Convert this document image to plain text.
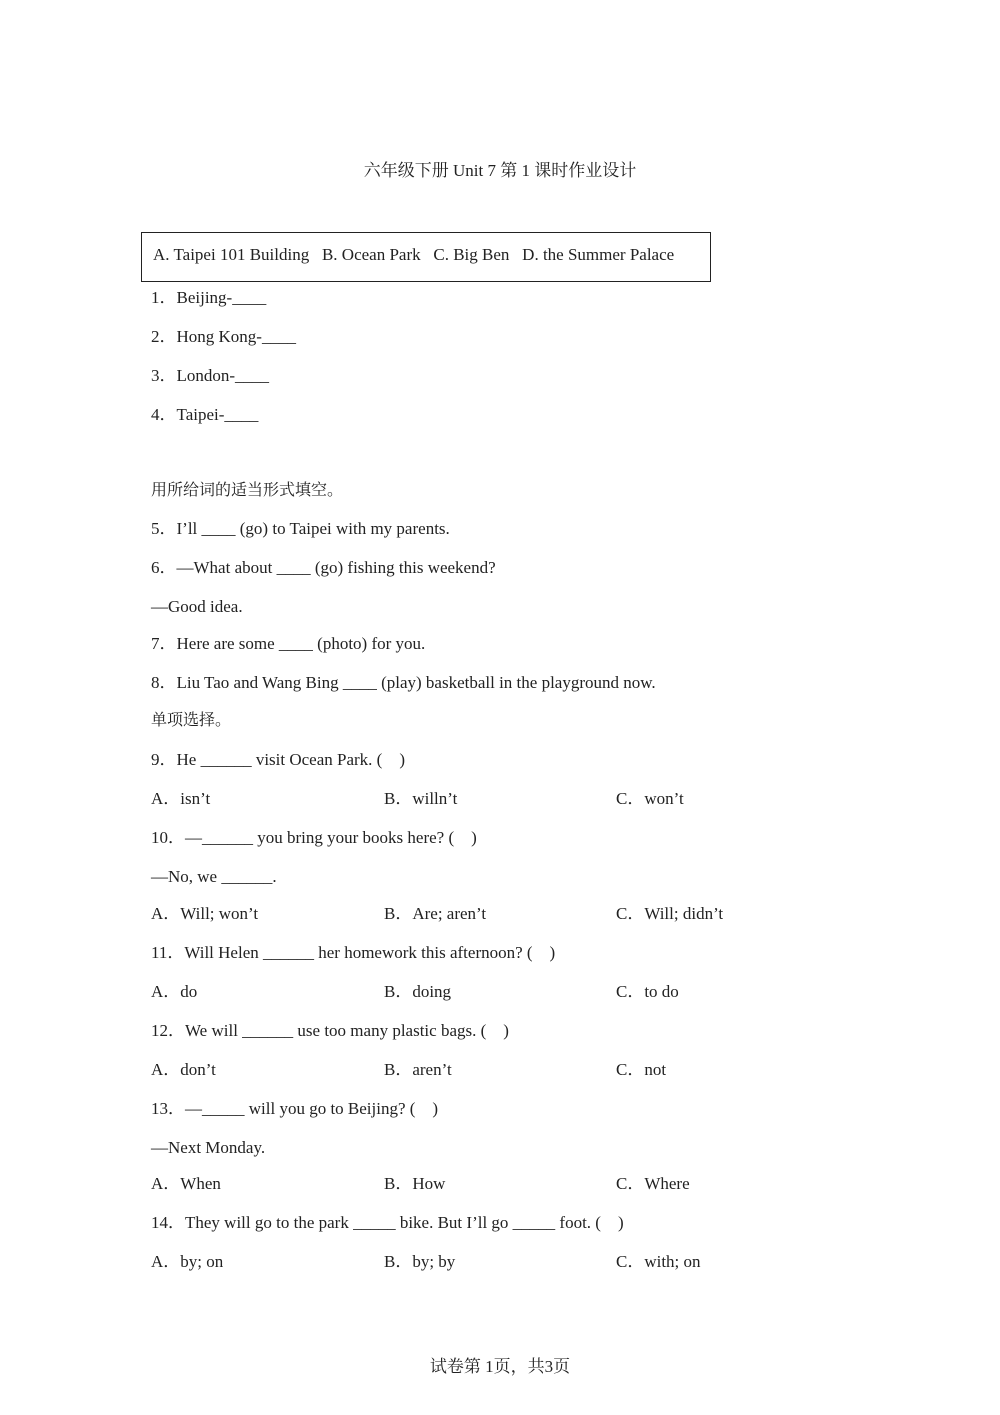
六年级下册 Unit 7 第 1 课时作业设计
A. Taipei 101 Building   B. Ocean Park   C. Big Ben   D. the Summer Palace
1．Beijing-____
2．Hong Kong-____
3．London-____
4．Taipei-____
用所给词的适当形式填空。
5．I’ll ____ (go) to Taipei with my parents.
6．—What about ____ (go) fishing this weekend?
—Good idea.
7．Here are some ____ (photo) for you.
8．Liu Tao and Wang Bing ____ (play) basketball in the playground now.
单项选择。
9．He ______ visit Ocean Park. (    )
A．isn’t	B．willn’t	C．won’t
10．—______ you bring your books here? (    )
—No, we ______.
A．Will; won’t	B．Are; aren’t	C．Will; didn’t
11．Will Helen ______ her homework this afternoon? (    )
A．do	B．doing	C．to do
12．We will ______ use too many plastic bags. (    )
A．don’t	B．aren’t	C．not
13．—_____ will you go to Beijing? (    )
—Next Monday.
A．When	B．How	C．Where
14．They will go to the park _____ bike. But I’ll go _____ foot. (    )
A．by; on	B．by; by	C．with; on
试卷第 1页，共3页
